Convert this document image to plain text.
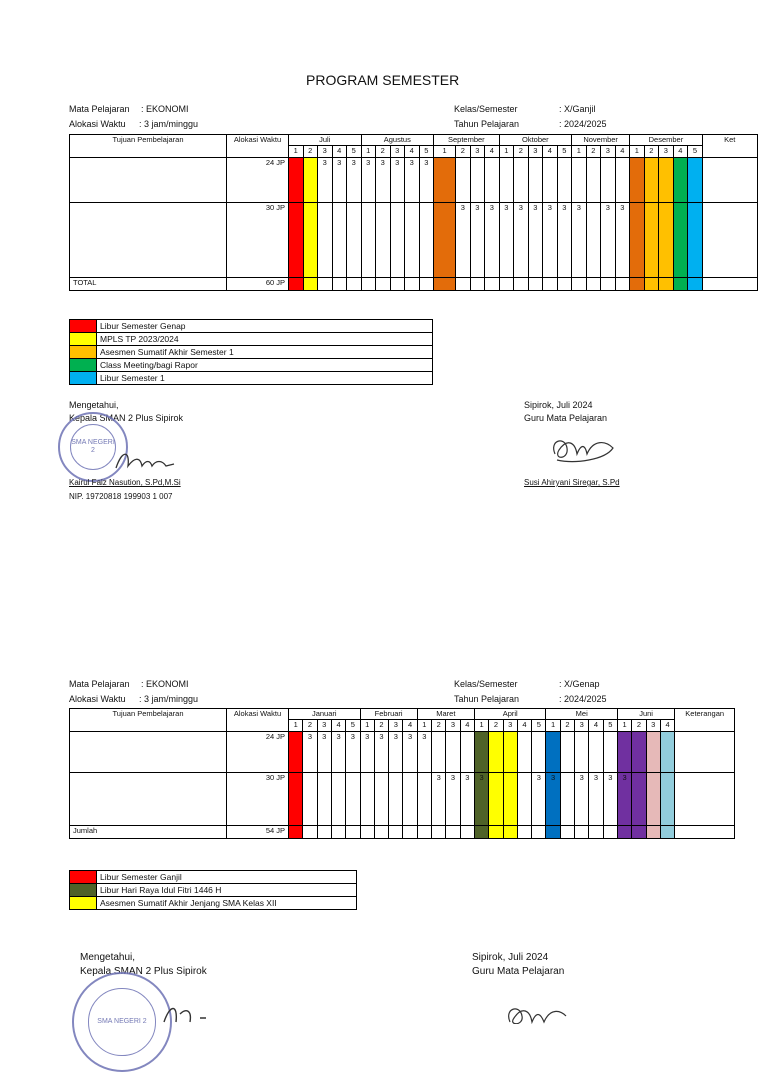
PROGRAM SEMESTER
Mata Pelajaran : EKONOMI
Alokasi Waktu : 3 jam/minggu
Kelas/Semester	: X/Ganjil
Tahun Pelajaran	: 2024/2025
Tujuan Pembelajaran	Alokasi Waktu	Juli					Agustus					September				Oktober					November				Desember					Ket
		1	2	3	4	5	1	2	3	4	5	1	2	3	4	1	2	3	4	5	1	2	3	4	1	2	3	4	5	
	24 JP			3	3	3	3	3	3	3	3																			
	30 JP												3	3	3	3	3	3	3	3	3		3	3						
TOTAL	60 JP																													
	Libur Semester Genap
	MPLS TP 2023/2024
	Asesmen Sumatif Akhir Semester 1
	Class Meeting/bagi Rapor
	Libur Semester 1
Mengetahui,
Kepala SMAN 2 Plus Sipirok
SMA NEGERI 2
Kairul Faiz Nasution, S.Pd,M.Si
NIP. 19720818 199903 1 007
Sipirok, Juli 2024
Guru Mata Pelajaran
Susi Ahiryani Siregar, S.Pd
Mata Pelajaran : EKONOMI
Alokasi Waktu : 3 jam/minggu
Kelas/Semester	: X/Genap
Tahun Pelajaran	: 2024/2025
Tujuan Pembelajaran	Alokasi Waktu	Januari					Februari				Maret				April					Mei					Juni				Keterangan
		1	2	3	4	5	1	2	3	4	1	2	3	4	1	2	3	4	5	1	2	3	4	5	1	2	3	4	
	24 JP		3	3	3	3	3	3	3	3	3																		
	30 JP											3	3	3	3				3	3		3	3	3	3				
Jumlah	54 JP																												
	Libur Semester Ganjil
	Libur Hari Raya Idul Fitri 1446 H
	Asesmen Sumatif Akhir Jenjang SMA Kelas XII
Mengetahui,
Kepala SMAN 2 Plus Sipirok
SMA NEGERI 2
Sipirok, Juli 2024
Guru Mata Pelajaran
